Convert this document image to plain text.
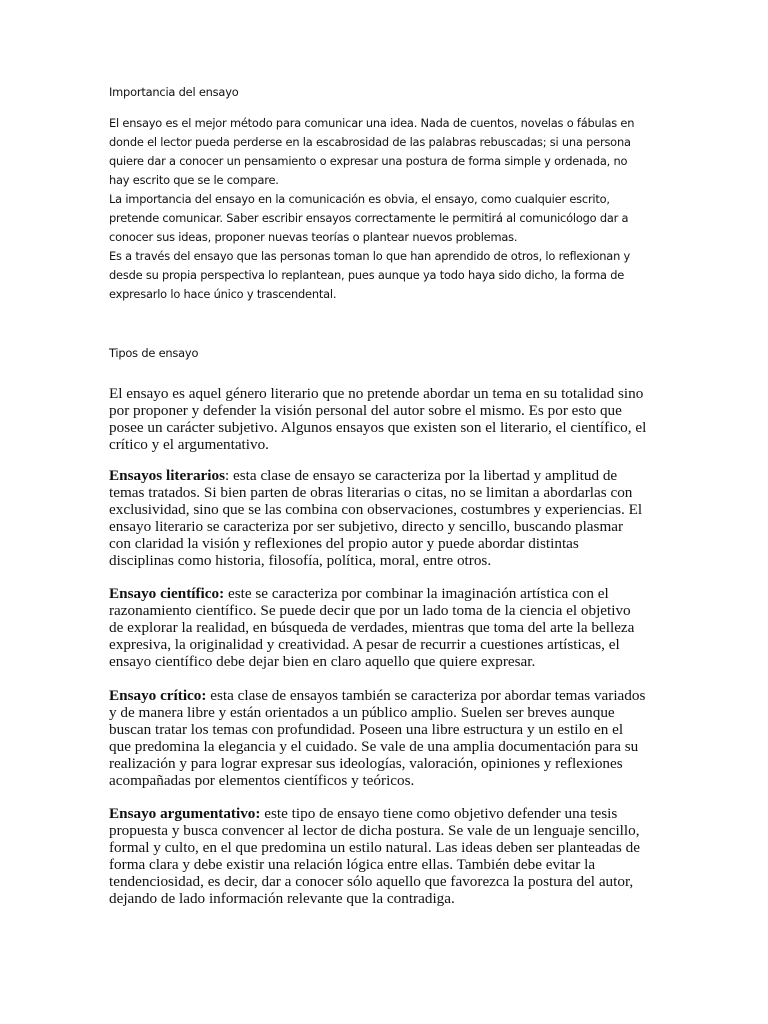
Importancia del ensayo
El ensayo es el mejor método para comunicar una idea. Nada de cuentos, novelas o fábulas en
donde el lector pueda perderse en la escabrosidad de las palabras rebuscadas; si una persona
quiere dar a conocer un pensamiento o expresar una postura de forma simple y ordenada, no
hay escrito que se le compare.
La importancia del ensayo en la comunicación es obvia, el ensayo, como cualquier escrito,
pretende comunicar. Saber escribir ensayos correctamente le permitirá al comunicólogo dar a
conocer sus ideas, proponer nuevas teorías o plantear nuevos problemas.
Es a través del ensayo que las personas toman lo que han aprendido de otros, lo reflexionan y
desde su propia perspectiva lo replantean, pues aunque ya todo haya sido dicho, la forma de
expresarlo lo hace único y trascendental.
Tipos de ensayo
El ensayo es aquel género literario que no pretende abordar un tema en su totalidad sino
por proponer y defender la visión personal del autor sobre el mismo. Es por esto que
posee un carácter subjetivo. Algunos ensayos que existen son el literario, el científico, el
crítico y el argumentativo.
Ensayos literarios: esta clase de ensayo se caracteriza por la libertad y amplitud de
temas tratados. Si bien parten de obras literarias o citas, no se limitan a abordarlas con
exclusividad, sino que se las combina con observaciones, costumbres y experiencias. El
ensayo literario se caracteriza por ser subjetivo, directo y sencillo, buscando plasmar
con claridad la visión y reflexiones del propio autor y puede abordar distintas
disciplinas como historia, filosofía, política, moral, entre otros.
Ensayo científico: este se caracteriza por combinar la imaginación artística con el
razonamiento científico. Se puede decir que por un lado toma de la ciencia el objetivo
de explorar la realidad, en búsqueda de verdades, mientras que toma del arte la belleza
expresiva, la originalidad y creatividad. A pesar de recurrir a cuestiones artísticas, el
ensayo científico debe dejar bien en claro aquello que quiere expresar.
Ensayo crítico: esta clase de ensayos también se caracteriza por abordar temas variados
y de manera libre y están orientados a un público amplio. Suelen ser breves aunque
buscan tratar los temas con profundidad. Poseen una libre estructura y un estilo en el
que predomina la elegancia y el cuidado. Se vale de una amplia documentación para su
realización y para lograr expresar sus ideologías, valoración, opiniones y reflexiones
acompañadas por elementos científicos y teóricos.
Ensayo argumentativo: este tipo de ensayo tiene como objetivo defender una tesis
propuesta y busca convencer al lector de dicha postura. Se vale de un lenguaje sencillo,
formal y culto, en el que predomina un estilo natural. Las ideas deben ser planteadas de
forma clara y debe existir una relación lógica entre ellas. También debe evitar la
tendenciosidad, es decir, dar a conocer sólo aquello que favorezca la postura del autor,
dejando de lado información relevante que la contradiga.
